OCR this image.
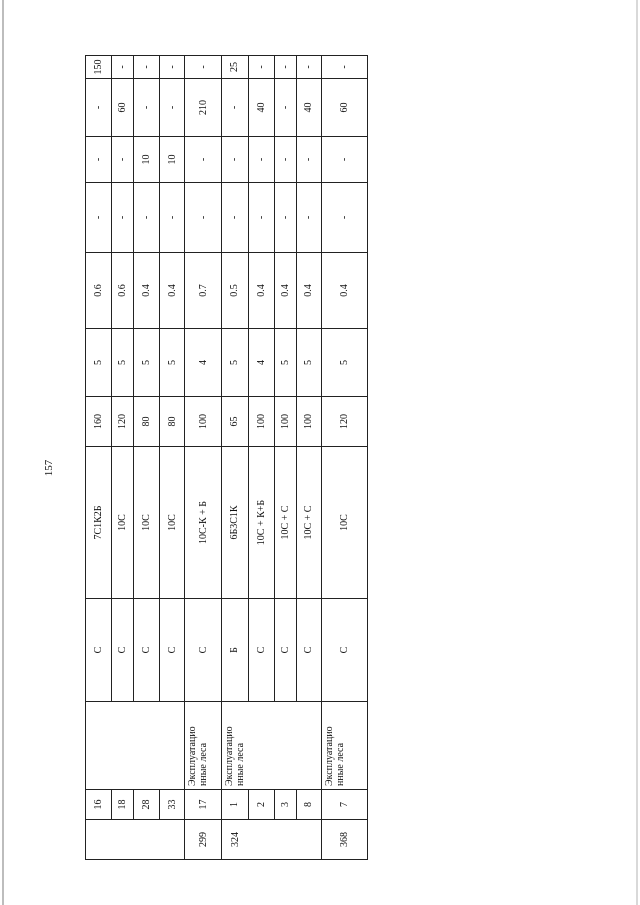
157
	16		С	7С1К2Б	160	5	0.6	-	-	-	150
	18		С	10С	120	5	0.6	-	-	60	-
	28		С	10С	80	5	0.4	-	10	-	-
	33		С	10С	80	5	0.4	-	10	-	-
299	17	Эксплуатацио нные леса	С	10С-К + Б	100	4	0.7	-	-	210	-
324	1	Эксплуатацио нные леса	Б	6Б3С1К	65	5	0.5	-	-	-	25
	2		С	10С + К+Б	100	4	0.4	-	-	40	-
	3		С	10С + С	100	5	0.4	-	-	-	-
	8		С	10С + С	100	5	0.4	-	-	40	-
368	7	Эксплуатацио нные леса	С	10С	120	5	0.4	-	-	60	-
